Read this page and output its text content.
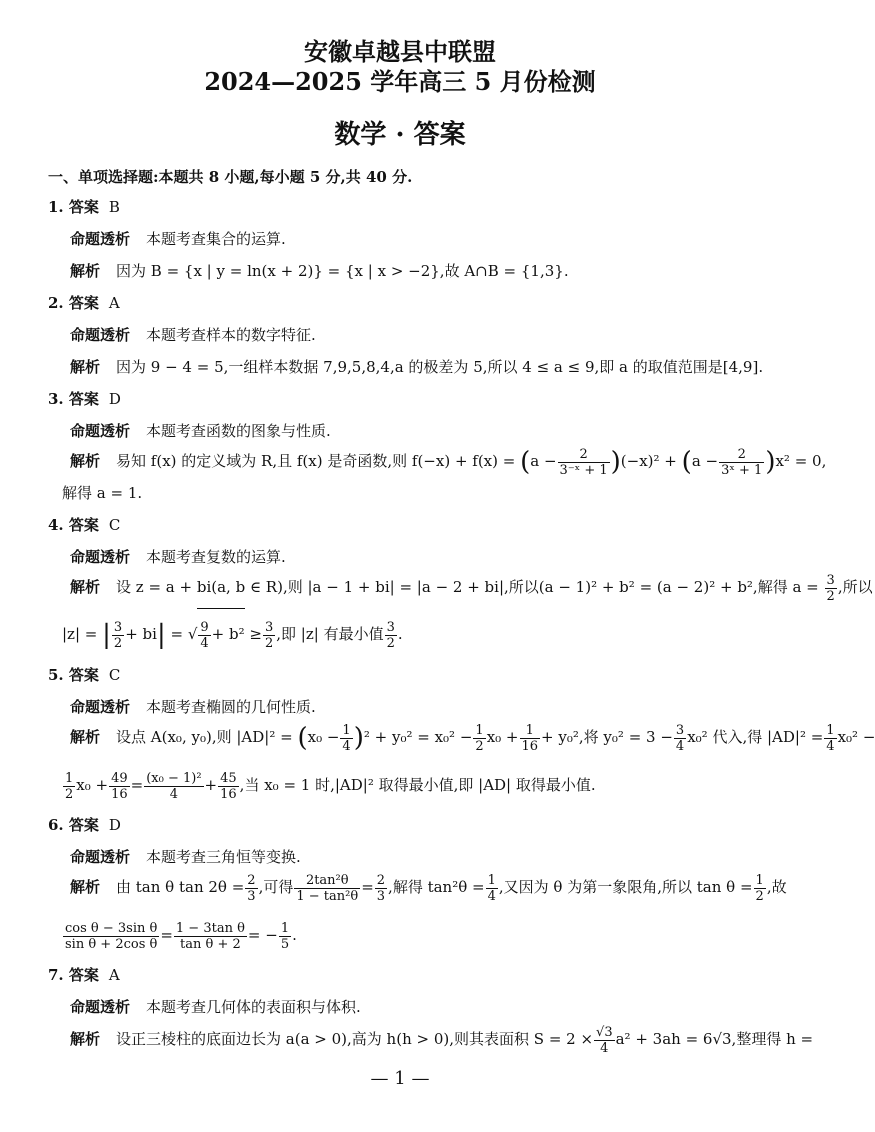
安徽卓越县中联盟
2024—2025 学年高三 5 月份检测
数学 · 答案
一、单项选择题:本题共 8 小题,每小题 5 分,共 40 分.
1. 答案 B
命题透析 本题考查集合的运算.
解析 因为 B = {x | y = ln(x + 2)} = {x | x > −2},故 A∩B = {1,3}.
2. 答案 A
命题透析 本题考查样本的数字特征.
解析 因为 9 − 4 = 5,一组样本数据 7,9,5,8,4,a 的极差为 5,所以 4 ≤ a ≤ 9,即 a 的取值范围是[4,9].
3. 答案 D
命题透析 本题考查函数的图象与性质.
解析 易知 f(x) 的定义域为 R,且 f(x) 是奇函数,则 $f(-x) + f(x) = (a - \frac{2}{\text{3⁻ˣ + 1}} )(-x)^2 + (a - \frac{2}{\text{3ˣ + 1}} )x^2 = 0$,
解得 a = 1.
4. 答案 C
命题透析 本题考查复数的运算.
解析 设 z = a + bi(a, b ∈ R),则 |a − 1 + bi| = |a − 2 + bi|,所以(a − 1)² + b² = (a − 2)² + b²,解得 $a = \frac{3}{2}$ ,所以
|z| = | $\frac{3}{2} + bi|$ = √ $\frac{9}{4} + b^2 \ge \frac{3}{2}$ ,即 |z| 有最小值 $\frac{3}{2}$ .
5. 答案 C
命题透析 本题考查椭圆的几何性质.
解析 设点 A(x₀, y₀),则 $|AD|^2 = (x_0 - \frac{1}{4} )^2 + y_0^2 = x_0^2 - \frac{1}{2} x_0 + \frac{1}{16} + y_0^2$,将 $y_0^2 = 3 - \frac{3}{4} x_0^2$ 代入,得 $|AD|^2 = \frac{1}{4} x_0^2$ −
$\frac{1}{2} x_0 + \frac{49}{16} = \frac{\text{(x₀ − 1)²}}{4} + \frac{45}{16}$ ,当 x₀ = 1 时,|AD|² 取得最小值,即 |AD| 取得最小值.
6. 答案 D
命题透析 本题考查三角恒等变换.
解析 由 tan θ $\tan 2\theta = \frac{2}{3}$ ,可得 $\frac{\text{2tan²θ}}{\text{1 − tan²θ}} = \frac{2}{3}$ ,解得 $\tan^2\theta = \frac{1}{4}$ ,又因为 θ 为第一象限角,所以 $\tan \theta = \frac{1}{2}$ ,故
$\frac{\text{cos θ − 3sin θ}}{\text{sin θ + 2cos θ}} = \frac{\text{1 − 3tan θ}}{\text{tan θ + 2}}$ = − $\frac{1}{5}$ .
7. 答案 A
命题透析 本题考查几何体的表面积与体积.
解析 设正三棱柱的底面边长为 a(a > 0),高为 h(h > 0),则其表面积 $S = 2 \times \frac{√3}{4} a^2 + 3ah = 6√3$,整理得 h =
— 1 —
